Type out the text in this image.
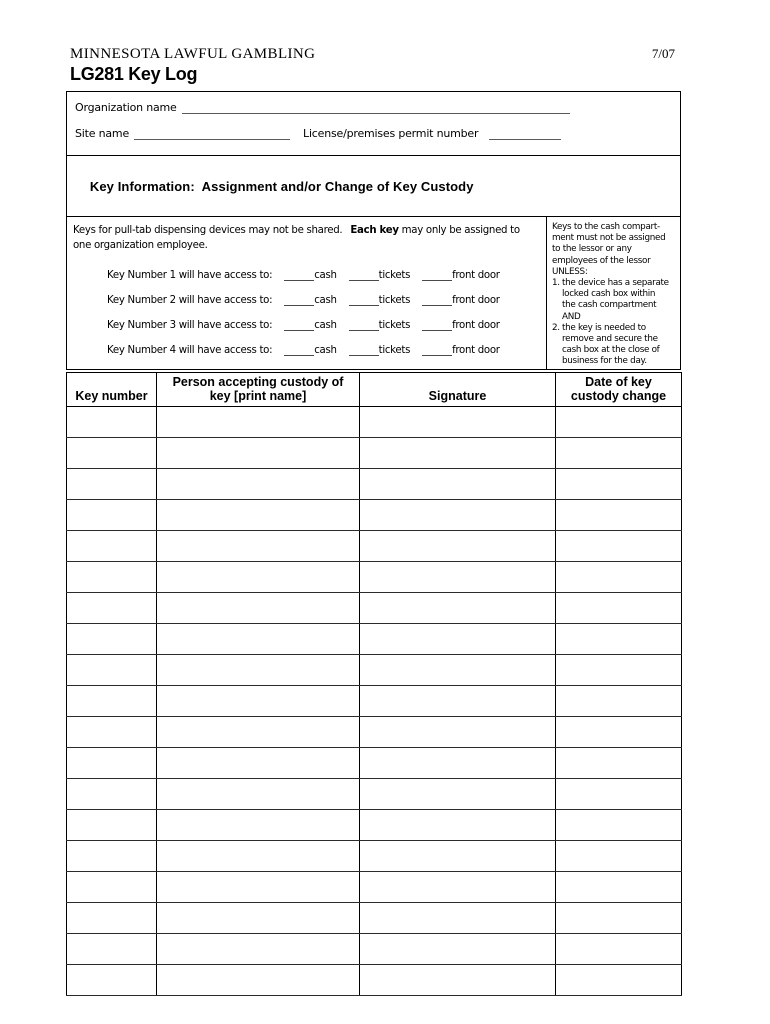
MINNESOTA LAWFUL GAMBLING	7/07
LG281 Key Log
Organization name
Site name	License/premises permit number

Key Information:  Assignment and/or Change of Key Custody

Keys for pull-tab dispensing devices may not be shared. Each key may only be assigned to
one organization employee.
Key Number 1 will have access to:	cash	tickets	front door
Key Number 2 will have access to:	cash	tickets	front door
Key Number 3 will have access to:	cash	tickets	front door
Key Number 4 will have access to:	cash	tickets	front door
Keys to the cash compart-
ment must not be assigned
to the lessor or any
employees of the lessor
UNLESS:
1. the device has a separate
locked cash box within
the cash compartment
AND
2. the key is needed to
remove and secure the
cash box at the close of
business for the day.
Key number	Person accepting custody of
key [print name]	Signature	Date of key
custody change
